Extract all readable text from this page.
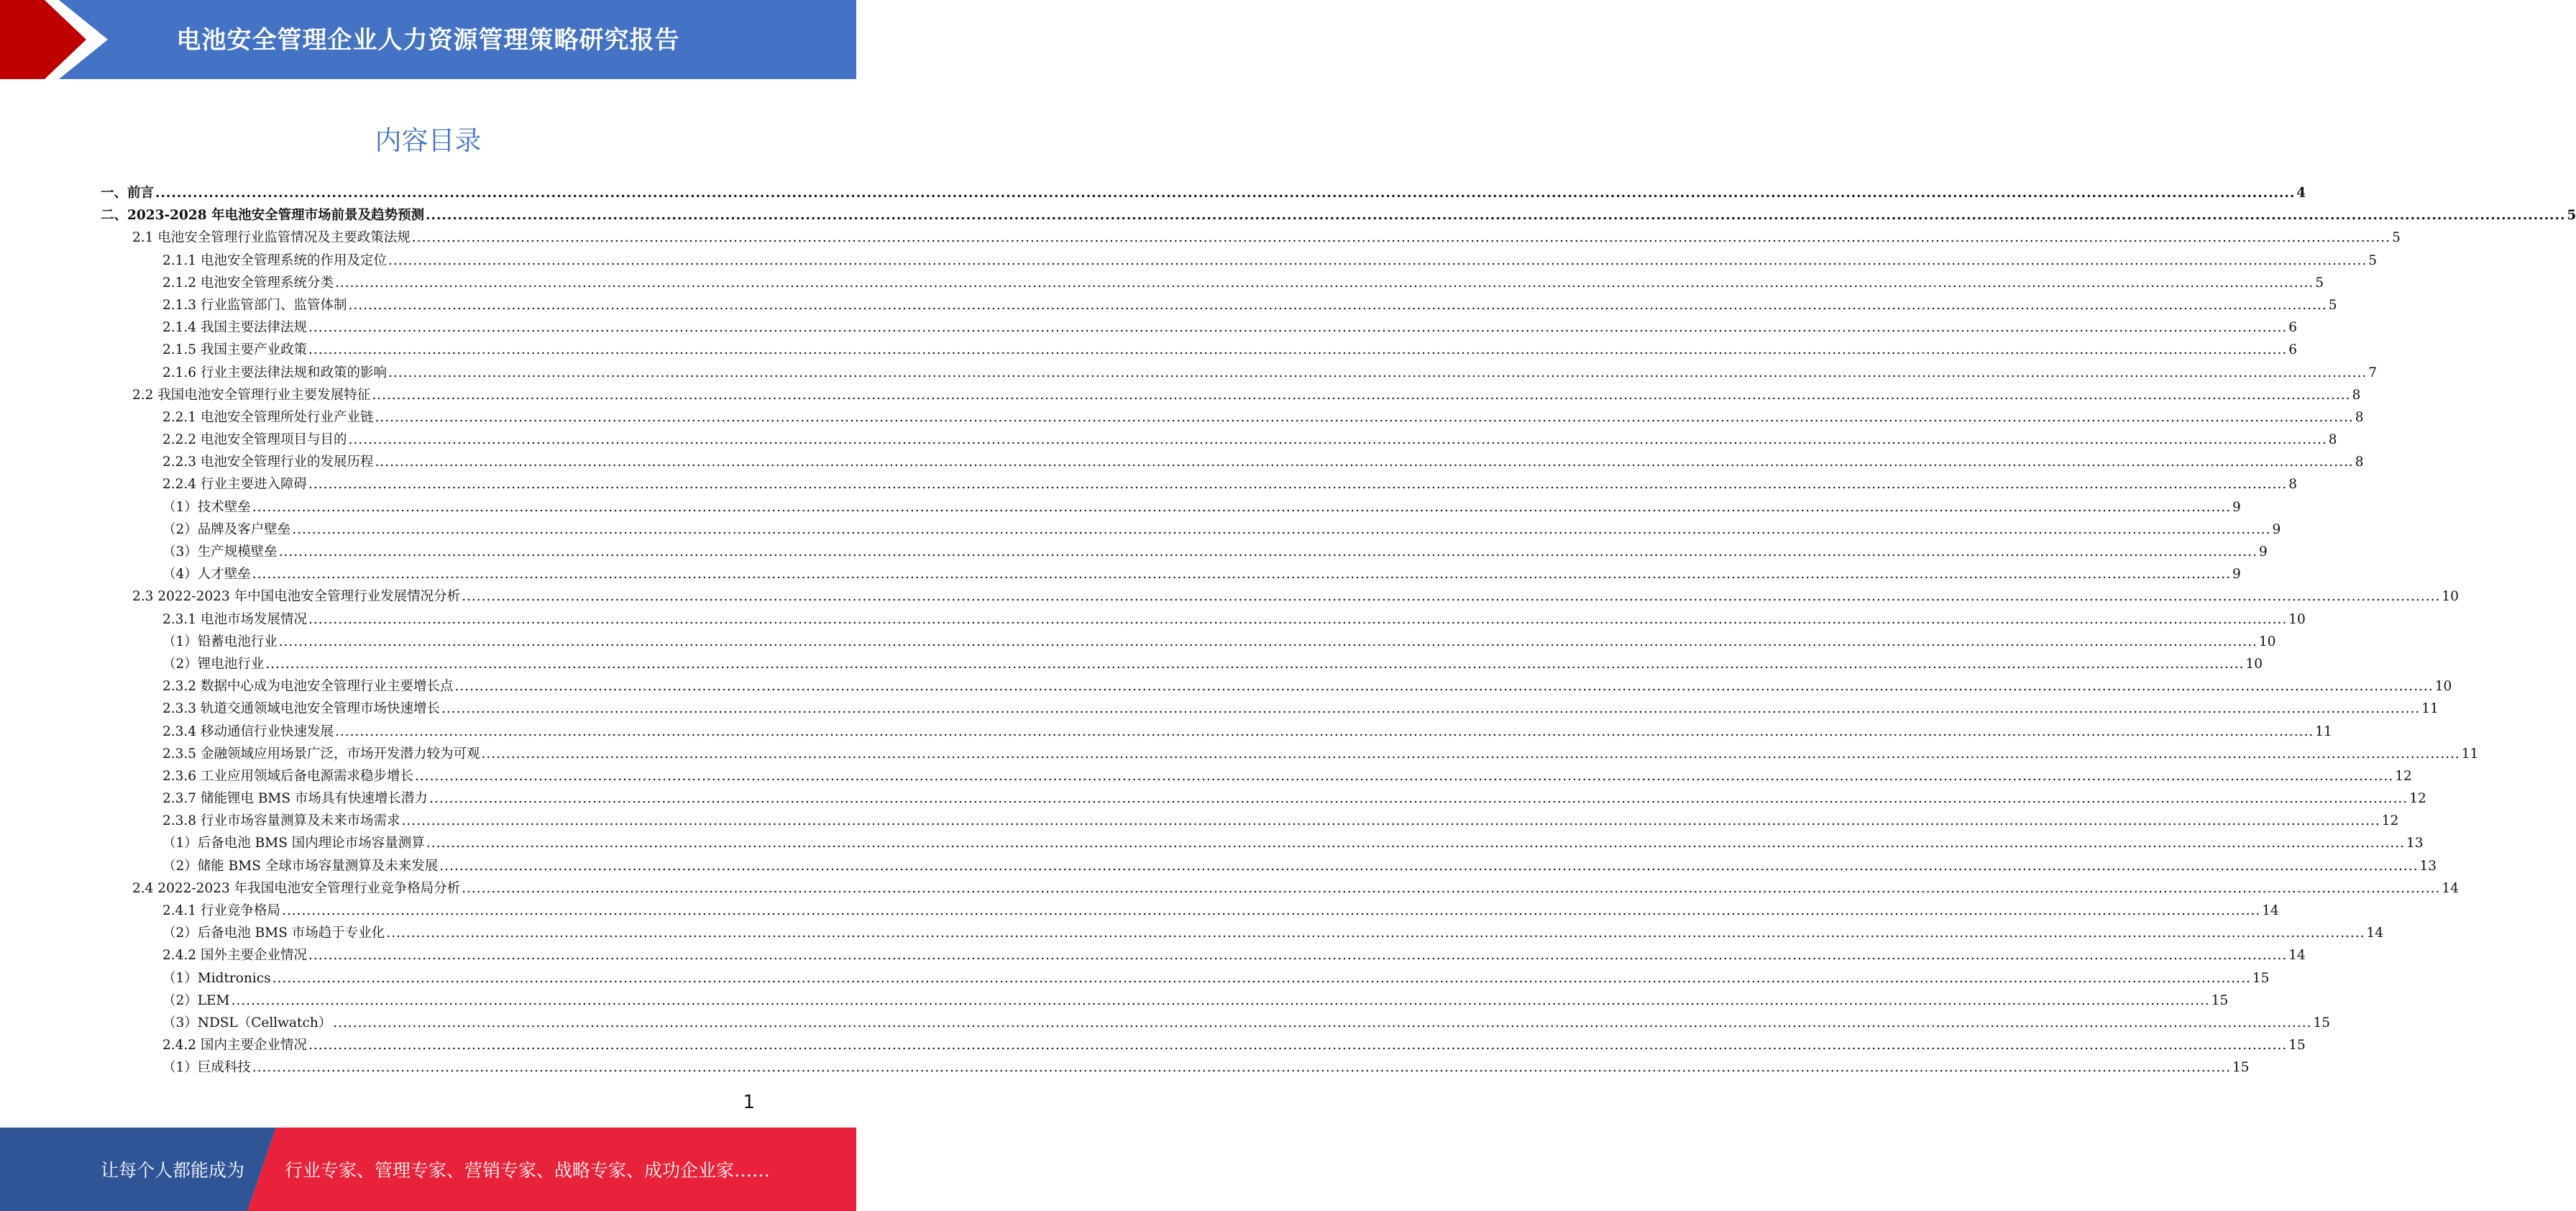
电池安全管理企业人力资源管理策略研究报告
内容目录
一、前言 ................................................................................................................................................................................................................................................................................................................................................................................................................ 4
二、2023-2028 年电池安全管理市场前景及趋势预测 ................................................................................................................................................................................................................................................................................................................................................................................................................ 5
2.1 电池安全管理行业监管情况及主要政策法规 ................................................................................................................................................................................................................................................................................................................................................................................................................ 5
2.1.1 电池安全管理系统的作用及定位 ................................................................................................................................................................................................................................................................................................................................................................................................................ 5
2.1.2 电池安全管理系统分类 ................................................................................................................................................................................................................................................................................................................................................................................................................ 5
2.1.3 行业监管部门、监管体制 ................................................................................................................................................................................................................................................................................................................................................................................................................ 5
2.1.4 我国主要法律法规 ................................................................................................................................................................................................................................................................................................................................................................................................................ 6
2.1.5 我国主要产业政策 ................................................................................................................................................................................................................................................................................................................................................................................................................ 6
2.1.6 行业主要法律法规和政策的影响 ................................................................................................................................................................................................................................................................................................................................................................................................................ 7
2.2 我国电池安全管理行业主要发展特征 ................................................................................................................................................................................................................................................................................................................................................................................................................ 8
2.2.1 电池安全管理所处行业产业链 ................................................................................................................................................................................................................................................................................................................................................................................................................ 8
2.2.2 电池安全管理项目与目的 ................................................................................................................................................................................................................................................................................................................................................................................................................ 8
2.2.3 电池安全管理行业的发展历程 ................................................................................................................................................................................................................................................................................................................................................................................................................ 8
2.2.4 行业主要进入障碍 ................................................................................................................................................................................................................................................................................................................................................................................................................ 8
（1）技术壁垒 ................................................................................................................................................................................................................................................................................................................................................................................................................ 9
（2）品牌及客户壁垒 ................................................................................................................................................................................................................................................................................................................................................................................................................ 9
（3）生产规模壁垒 ................................................................................................................................................................................................................................................................................................................................................................................................................ 9
（4）人才壁垒 ................................................................................................................................................................................................................................................................................................................................................................................................................ 9
2.3 2022-2023 年中国电池安全管理行业发展情况分析 ................................................................................................................................................................................................................................................................................................................................................................................................................ 10
2.3.1 电池市场发展情况 ................................................................................................................................................................................................................................................................................................................................................................................................................ 10
（1）铅蓄电池行业 ................................................................................................................................................................................................................................................................................................................................................................................................................ 10
（2）锂电池行业 ................................................................................................................................................................................................................................................................................................................................................................................................................ 10
2.3.2 数据中心成为电池安全管理行业主要增长点 ................................................................................................................................................................................................................................................................................................................................................................................................................ 10
2.3.3 轨道交通领域电池安全管理市场快速增长 ................................................................................................................................................................................................................................................................................................................................................................................................................ 11
2.3.4 移动通信行业快速发展 ................................................................................................................................................................................................................................................................................................................................................................................................................ 11
2.3.5 金融领域应用场景广泛，市场开发潜力较为可观 ................................................................................................................................................................................................................................................................................................................................................................................................................ 11
2.3.6 工业应用领域后备电源需求稳步增长 ................................................................................................................................................................................................................................................................................................................................................................................................................ 12
2.3.7 储能锂电 BMS 市场具有快速增长潜力 ................................................................................................................................................................................................................................................................................................................................................................................................................ 12
2.3.8 行业市场容量测算及未来市场需求 ................................................................................................................................................................................................................................................................................................................................................................................................................ 12
（1）后备电池 BMS 国内理论市场容量测算 ................................................................................................................................................................................................................................................................................................................................................................................................................ 13
（2）储能 BMS 全球市场容量测算及未来发展 ................................................................................................................................................................................................................................................................................................................................................................................................................ 13
2.4 2022-2023 年我国电池安全管理行业竞争格局分析 ................................................................................................................................................................................................................................................................................................................................................................................................................ 14
2.4.1 行业竞争格局 ................................................................................................................................................................................................................................................................................................................................................................................................................ 14
（2）后备电池 BMS 市场趋于专业化 ................................................................................................................................................................................................................................................................................................................................................................................................................ 14
2.4.2 国外主要企业情况 ................................................................................................................................................................................................................................................................................................................................................................................................................ 14
（1）Midtronics ................................................................................................................................................................................................................................................................................................................................................................................................................ 15
（2）LEM ................................................................................................................................................................................................................................................................................................................................................................................................................ 15
（3）NDSL（Cellwatch） ................................................................................................................................................................................................................................................................................................................................................................................................................ 15
2.4.2 国内主要企业情况 ................................................................................................................................................................................................................................................................................................................................................................................................................ 15
（1）巨成科技 ................................................................................................................................................................................................................................................................................................................................................................................................................ 15
1
让每个人都能成为 行业专家、管理专家、营销专家、战略专家、成功企业家……
